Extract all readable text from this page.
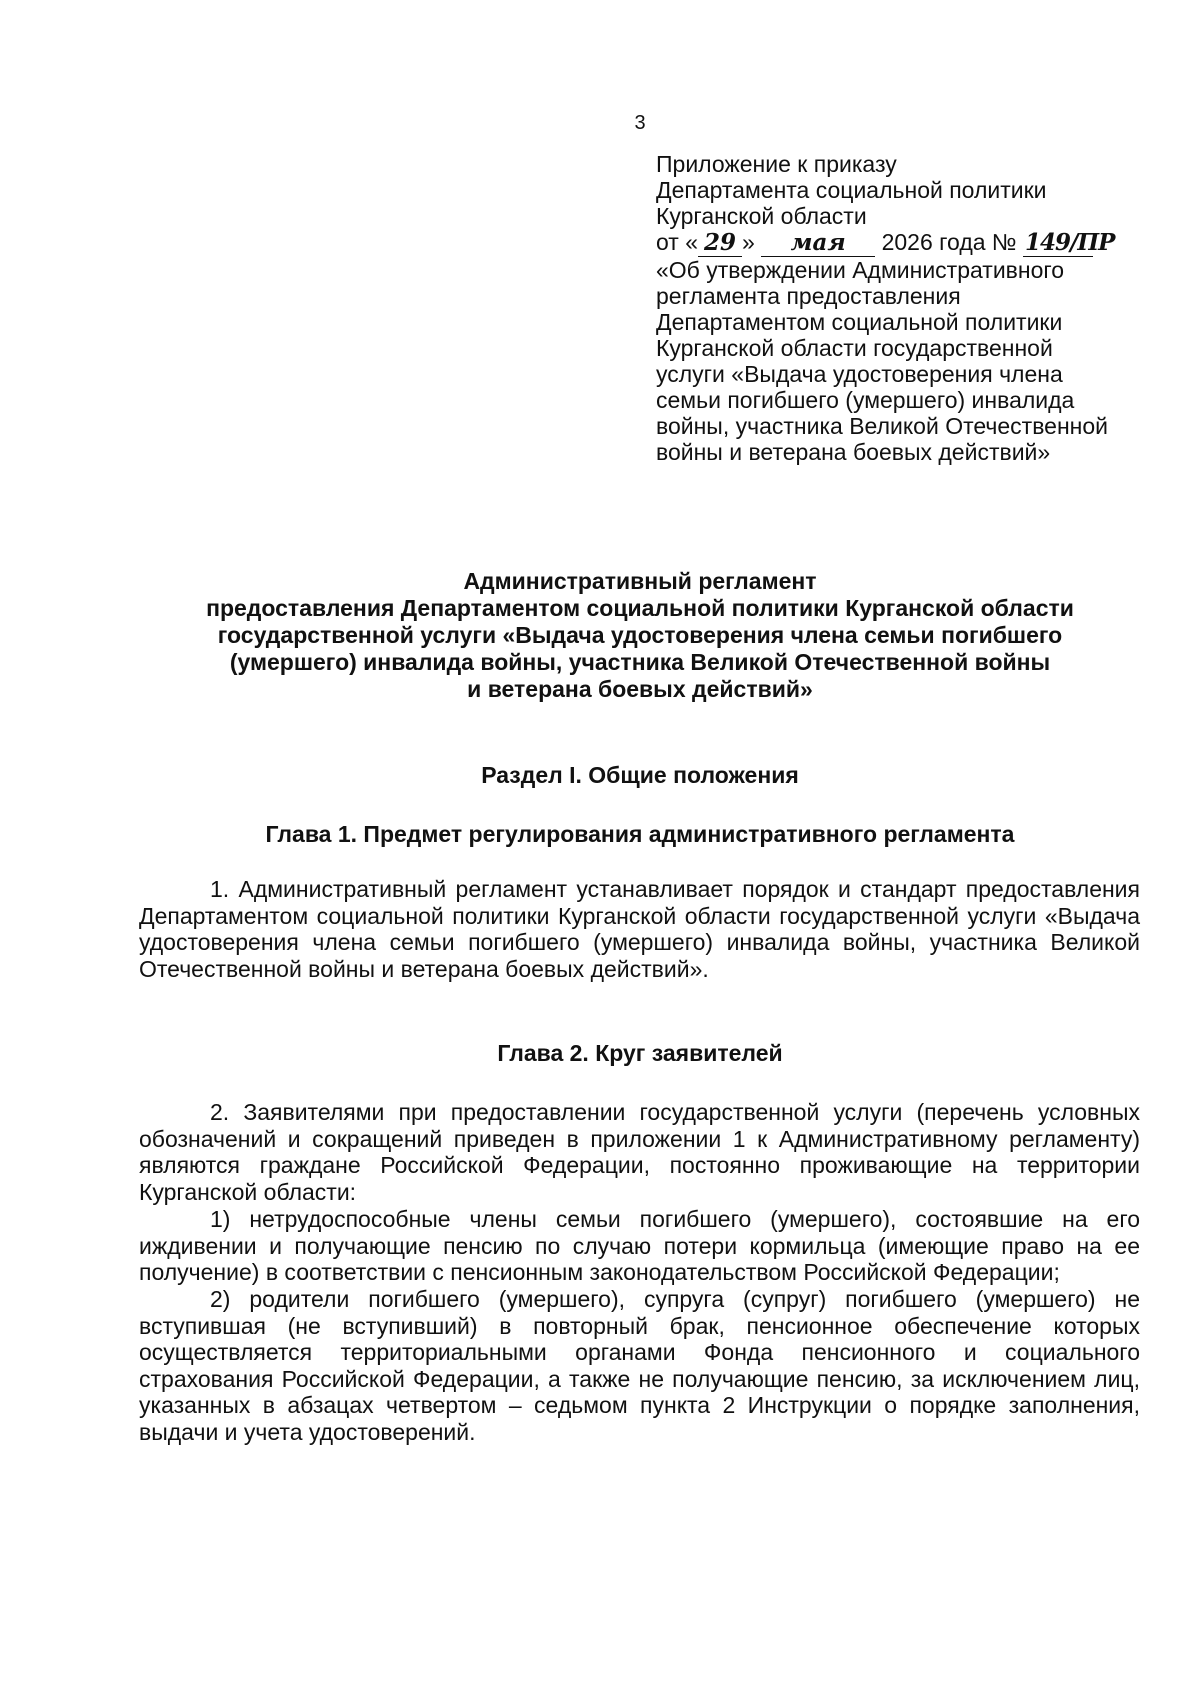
3
Приложение к приказу
Департамента социальной политики
Курганской области
от « 29 » мая 2026 года № 149/ПР
«Об утверждении Административного
регламента предоставления
Департаментом социальной политики
Курганской области государственной
услуги «Выдача удостоверения члена
семьи погибшего (умершего) инвалида
войны, участника Великой Отечественной
войны и ветерана боевых действий»
Административный регламент
предоставления Департаментом социальной политики Курганской области
государственной услуги «Выдача удостоверения члена семьи погибшего
(умершего) инвалида войны, участника Великой Отечественной войны
и ветерана боевых действий»
Раздел I. Общие положения
Глава 1. Предмет регулирования административного регламента
1. Административный регламент устанавливает порядок и стандарт предоставления Департаментом социальной политики Курганской области государственной услуги «Выдача удостоверения члена семьи погибшего (умершего) инвалида войны, участника Великой Отечественной войны и ветерана боевых действий».
Глава 2. Круг заявителей
2. Заявителями при предоставлении государственной услуги (перечень условных обозначений и сокращений приведен в приложении 1 к Административному регламенту) являются граждане Российской Федерации, постоянно проживающие на территории Курганской области:
1) нетрудоспособные члены семьи погибшего (умершего), состоявшие на его иждивении и получающие пенсию по случаю потери кормильца (имеющие право на ее получение) в соответствии с пенсионным законодательством Российской Федерации;
2) родители погибшего (умершего), супруга (супруг) погибшего (умершего) не вступившая (не вступивший) в повторный брак, пенсионное обеспечение которых осуществляется территориальными органами Фонда пенсионного и социального страхования Российской Федерации, а также не получающие пенсию, за исключением лиц, указанных в абзацах четвертом – седьмом пункта 2 Инструкции о порядке заполнения, выдачи и учета удостоверений.
